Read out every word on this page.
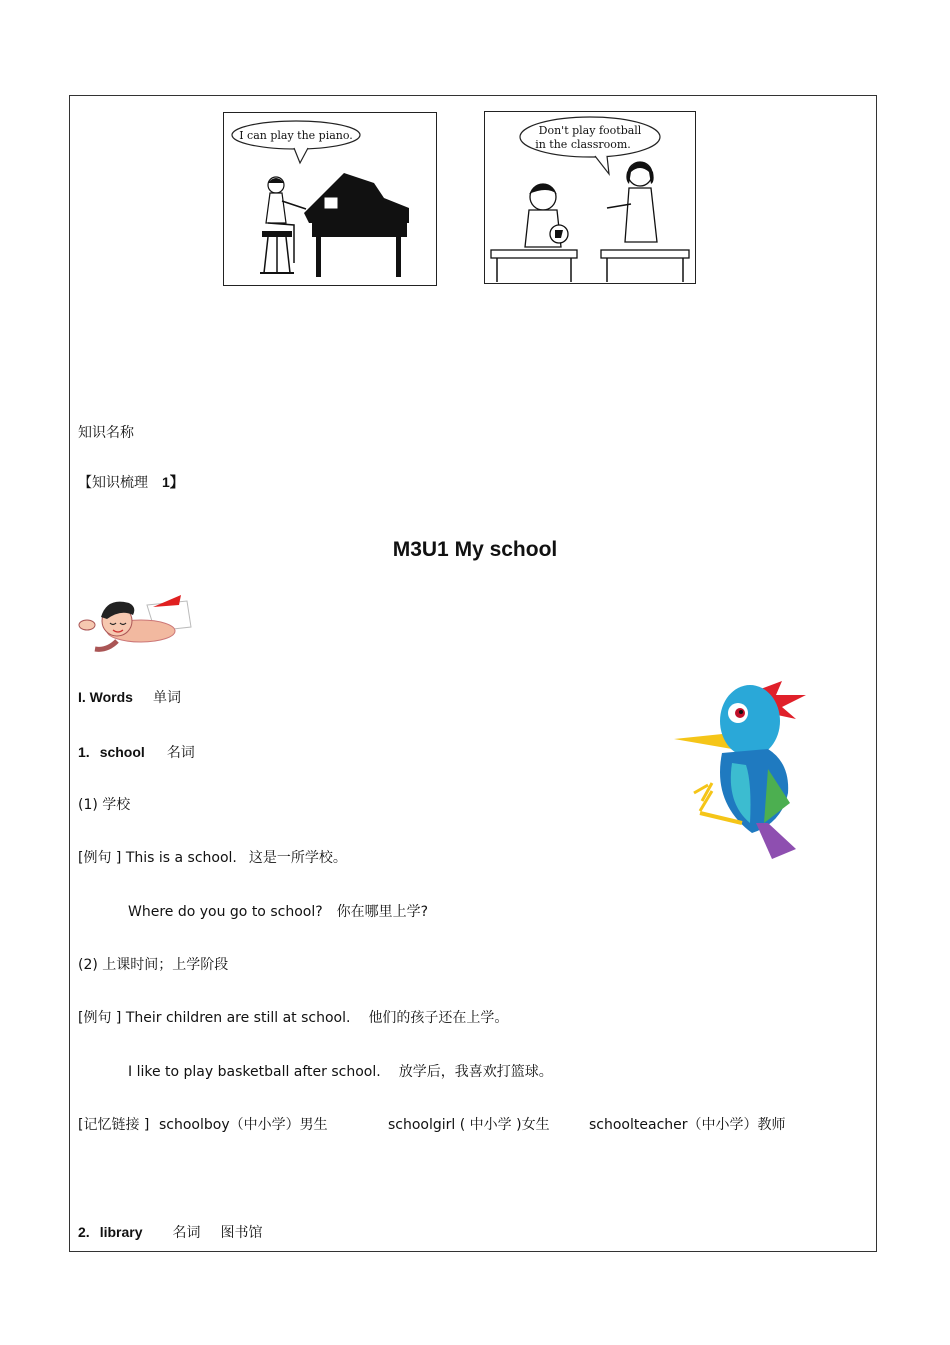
I can play the piano.	Don't play football
in the classroom.
知识名称
【知识梳理 1】
M3U1 My school
I. Words 单词
1. school 名词
(1) 学校
[例句 ] This is a school. 这是一所学校。
Where do you go to school? 你在哪里上学?
(2) 上课时间；上学阶段
[例句 ] Their children are still at school. 他们的孩子还在上学。
I like to play basketball after school. 放学后，我喜欢打篮球。
[记忆链接 ] schoolboy（中小学）男生	schoolgirl ( 中小学 )女生	schoolteacher（中小学）教师
2. library 名词 图书馆
